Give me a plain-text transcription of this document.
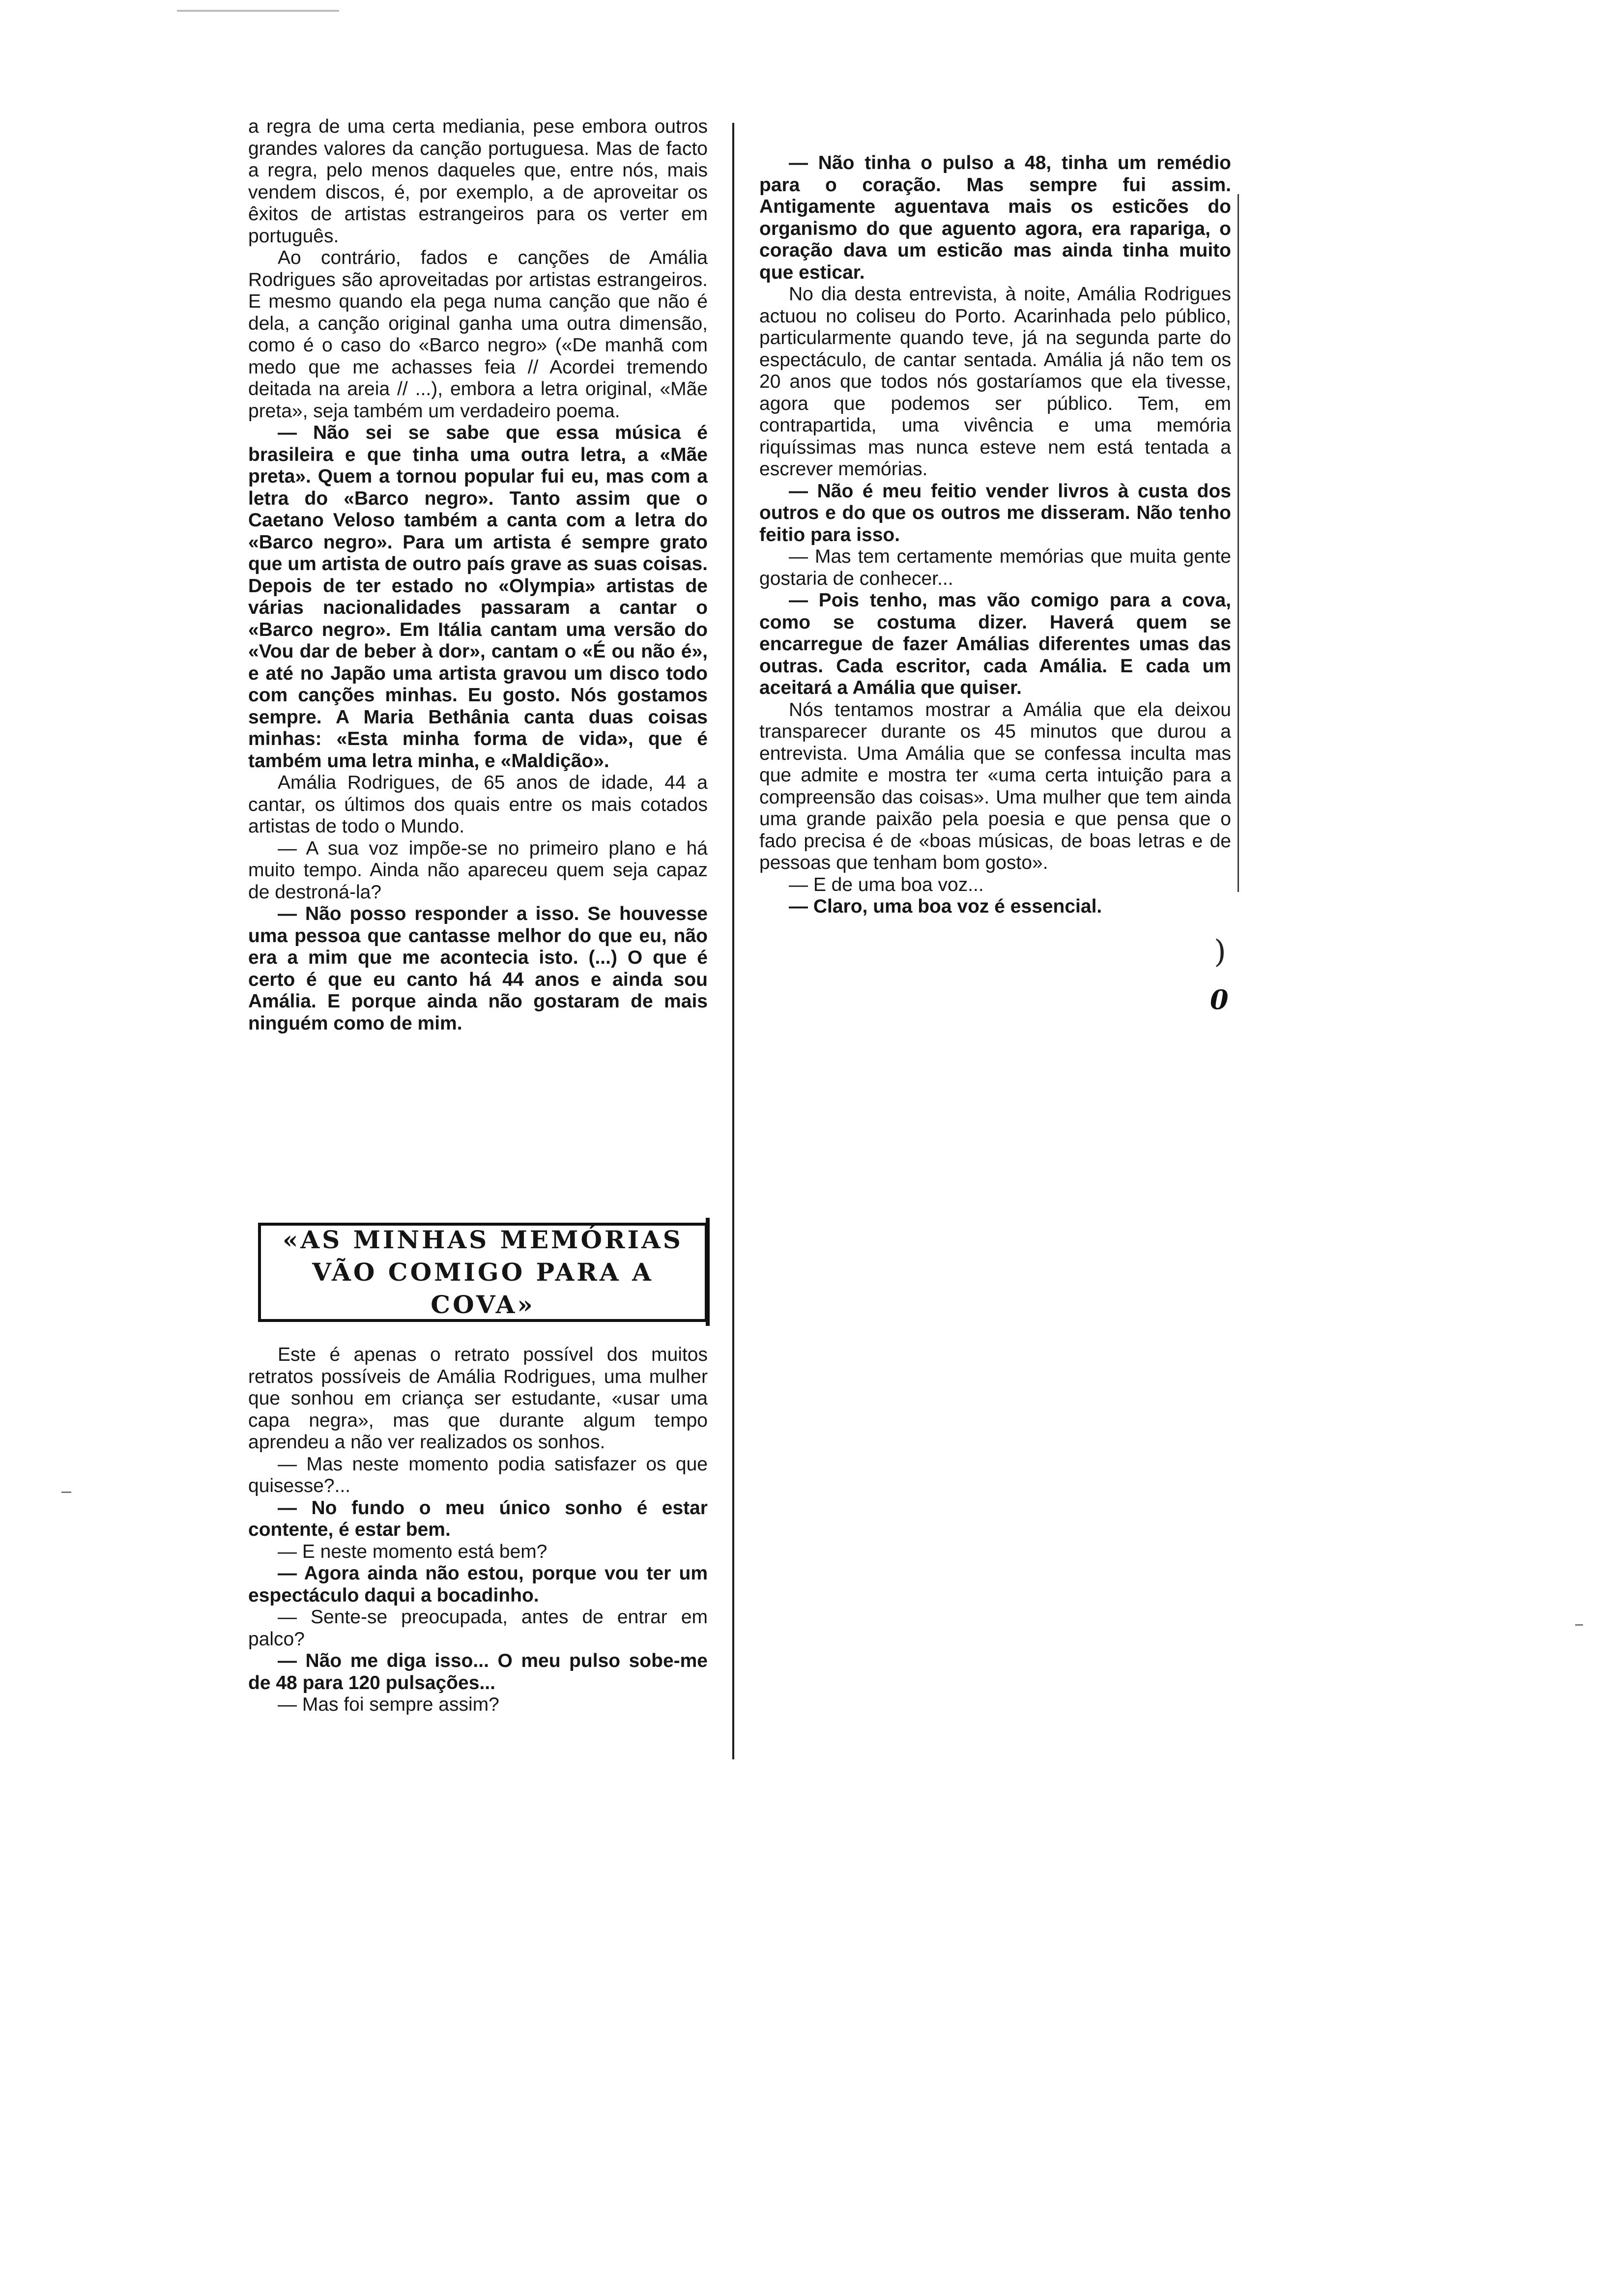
a regra de uma certa mediania, pese embora outros grandes valores da canção portuguesa. Mas de facto a regra, pelo menos daqueles que, entre nós, mais vendem discos, é, por exemplo, a de aproveitar os êxitos de artistas estrangeiros para os verter em português.

Ao contrário, fados e canções de Amália Rodrigues são aproveitadas por artistas estrangeiros. E mesmo quando ela pega numa canção que não é dela, a canção original ganha uma outra dimensão, como é o caso do «Barco negro» («De manhã com medo que me achasses feia // Acordei tremendo deitada na areia // ...), embora a letra original, «Mãe preta», seja também um verdadeiro poema.

— Não sei se sabe que essa música é brasileira e que tinha uma outra letra, a «Mãe preta». Quem a tornou popular fui eu, mas com a letra do «Barco negro». Tanto assim que o Caetano Veloso também a canta com a letra do «Barco negro». Para um artista é sempre grato que um artista de outro país grave as suas coisas. Depois de ter estado no «Olympia» artistas de várias nacionalidades passaram a cantar o «Barco negro». Em Itália cantam uma versão do «Vou dar de beber à dor», cantam o «É ou não é», e até no Japão uma artista gravou um disco todo com canções minhas. Eu gosto. Nós gostamos sempre. A Maria Bethânia canta duas coisas minhas: «Esta minha forma de vida», que é também uma letra minha, e «Maldição».

Amália Rodrigues, de 65 anos de idade, 44 a cantar, os últimos dos quais entre os mais cotados artistas de todo o Mundo.

— A sua voz impõe-se no primeiro plano e há muito tempo. Ainda não apareceu quem seja capaz de destroná-la?

— Não posso responder a isso. Se houvesse uma pessoa que cantasse melhor do que eu, não era a mim que me acontecia isto. (...) O que é certo é que eu canto há 44 anos e ainda sou Amália. E porque ainda não gostaram de mais ninguém como de mim.

«AS MINHAS MEMÓRIAS
VÃO COMIGO PARA A COVA»

Este é apenas o retrato possível dos muitos retratos possíveis de Amália Rodrigues, uma mulher que sonhou em criança ser estudante, «usar uma capa negra», mas que durante algum tempo aprendeu a não ver realizados os sonhos.

— Mas neste momento podia satisfazer os que quisesse?...

— No fundo o meu único sonho é estar contente, é estar bem.

— E neste momento está bem?

— Agora ainda não estou, porque vou ter um espectáculo daqui a bocadinho.

— Sente-se preocupada, antes de entrar em palco?

— Não me diga isso... O meu pulso sobe-me de 48 para 120 pulsações...

— Mas foi sempre assim?

— Não tinha o pulso a 48, tinha um remédio para o coração. Mas sempre fui assim. Antigamente aguentava mais os esticões do organismo do que aguento agora, era rapariga, o coração dava um esticão mas ainda tinha muito que esticar.

No dia desta entrevista, à noite, Amália Rodrigues actuou no coliseu do Porto. Acarinhada pelo público, particularmente quando teve, já na segunda parte do espectáculo, de cantar sentada. Amália já não tem os 20 anos que todos nós gostaríamos que ela tivesse, agora que podemos ser público. Tem, em contrapartida, uma vivência e uma memória riquíssimas mas nunca esteve nem está tentada a escrever memórias.

— Não é meu feitio vender livros à custa dos outros e do que os outros me disseram. Não tenho feitio para isso.

— Mas tem certamente memórias que muita gente gostaria de conhecer...

— Pois tenho, mas vão comigo para a cova, como se costuma dizer. Haverá quem se encarregue de fazer Amálias diferentes umas das outras. Cada escritor, cada Amália. E cada um aceitará a Amália que quiser.

Nós tentamos mostrar a Amália que ela deixou transparecer durante os 45 minutos que durou a entrevista. Uma Amália que se confessa inculta mas que admite e mostra ter «uma certa intuição para a compreensão das coisas». Uma mulher que tem ainda uma grande paixão pela poesia e que pensa que o fado precisa é de «boas músicas, de boas letras e de pessoas que tenham bom gosto».

— E de uma boa voz...

— Claro, uma boa voz é essencial.

)
0
